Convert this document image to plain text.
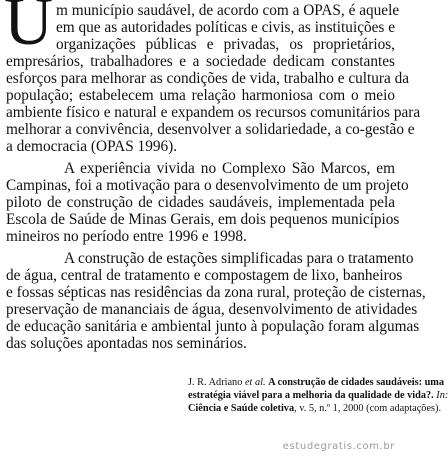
U m município saudável, de acordo com a OPAS, é aquele
em que as autoridades políticas e civis, as instituições e
organizações públicas e privadas, os proprietários,
empresários, trabalhadores e a sociedade dedicam constantes
esforços para melhorar as condições de vida, trabalho e cultura da
população; estabelecem uma relação harmoniosa com o meio
ambiente físico e natural e expandem os recursos comunitários para
melhorar a convivência, desenvolver a solidariedade, a co-gestão e
a democracia (OPAS 1996).
A experiência vivida no Complexo São Marcos, em
Campinas, foi a motivação para o desenvolvimento de um projeto
piloto de construção de cidades saudáveis, implementada pela
Escola de Saúde de Minas Gerais, em dois pequenos municípios
mineiros no período entre 1996 e 1998.
A construção de estações simplificadas para o tratamento
de água, central de tratamento e compostagem de lixo, banheiros
e fossas sépticas nas residências da zona rural, proteção de cisternas,
preservação de mananciais de água, desenvolvimento de atividades
de educação sanitária e ambiental junto à população foram algumas
das soluções apontadas nos seminários.
J. R. Adriano et al. A construção de cidades saudáveis: uma
estratégia viável para a melhoria da qualidade de vida?. In:
Ciência e Saúde coletiva, v. 5, n.º 1, 2000 (com adaptações).
estudegratis.com.br
